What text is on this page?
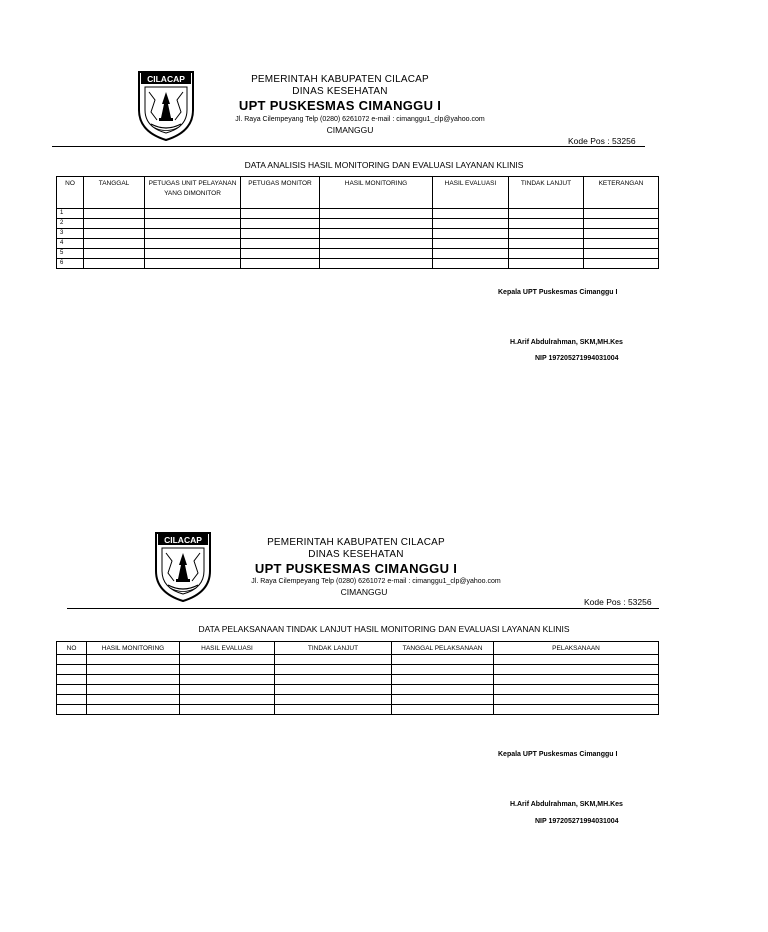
CILACAP	PEMERINTAH KABUPATEN CILACAP
DINAS KESEHATAN
UPT PUSKESMAS CIMANGGU I
Jl. Raya Cilempeyang Telp (0280) 6261072 e-mail : cimanggu1_clp@yahoo.com
CIMANGGU
Kode Pos : 53256
DATA ANALISIS HASIL MONITORING DAN EVALUASI LAYANAN KLINIS
NO	TANGGAL	PETUGAS UNIT PELAYANAN YANG DIMONITOR	PETUGAS MONITOR	HASIL MONITORING	HASIL EVALUASI	TINDAK LANJUT	KETERANGAN
1							
2							
3							
4							
5							
6							
Kepala UPT Puskesmas Cimanggu I
H.Arif Abdulrahman, SKM,MH.Kes
NIP 197205271994031004
CILACAP	PEMERINTAH KABUPATEN CILACAP
DINAS KESEHATAN
UPT PUSKESMAS CIMANGGU I
Jl. Raya Cilempeyang Telp (0280) 6261072 e-mail : cimanggu1_clp@yahoo.com
CIMANGGU
Kode Pos : 53256
DATA PELAKSANAAN TINDAK LANJUT HASIL MONITORING DAN EVALUASI LAYANAN KLINIS
NO	HASIL MONITORING	HASIL EVALUASI	TINDAK LANJUT	TANGGAL PELAKSANAAN	PELAKSANAAN

Kepala UPT Puskesmas Cimanggu I
H.Arif Abdulrahman, SKM,MH.Kes
NIP 197205271994031004
